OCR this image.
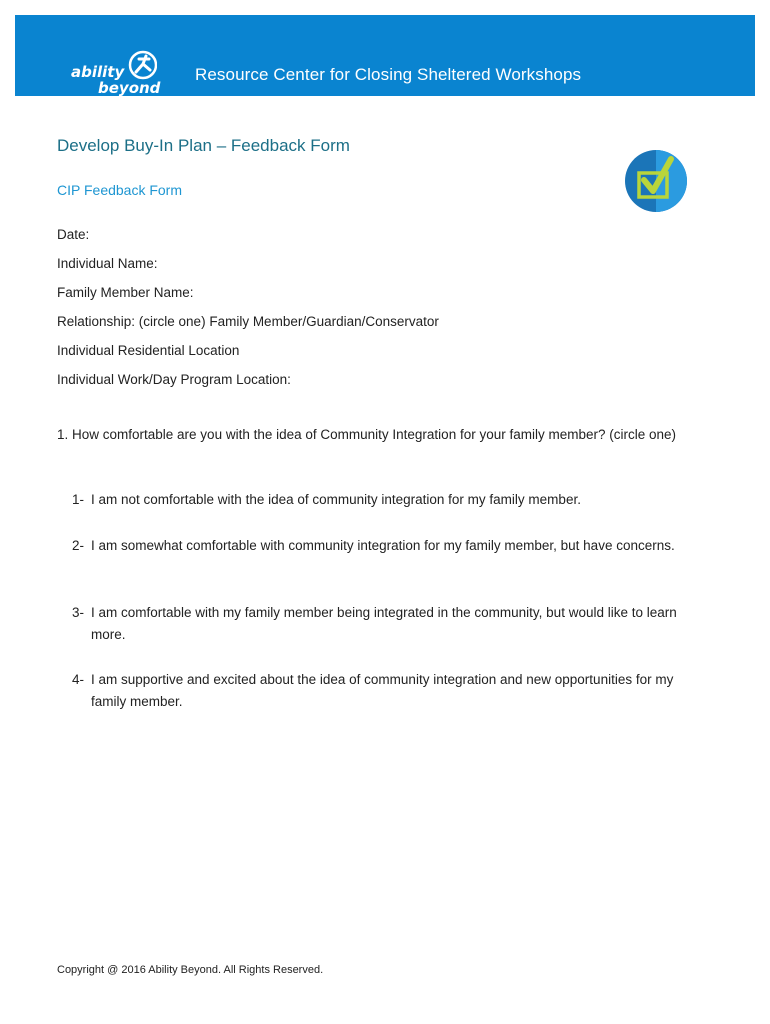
ability
beyond
Resource Center for Closing Sheltered Workshops
Develop Buy-In Plan – Feedback Form
CIP Feedback Form
Date:
Individual Name:
Family Member Name:
Relationship: (circle one) Family Member/Guardian/Conservator
Individual Residential Location
Individual Work/Day Program Location:
1. How comfortable are you with the idea of Community Integration for your family member? (circle one)
1- I am not comfortable with the idea of community integration for my family member.
2- I am somewhat comfortable with community integration for my family member, but have concerns.
3- I am comfortable with my family member being integrated in the community, but would like to learn more.
4- I am supportive and excited about the idea of community integration and new opportunities for my family member.
Copyright @ 2016 Ability Beyond. All Rights Reserved.
